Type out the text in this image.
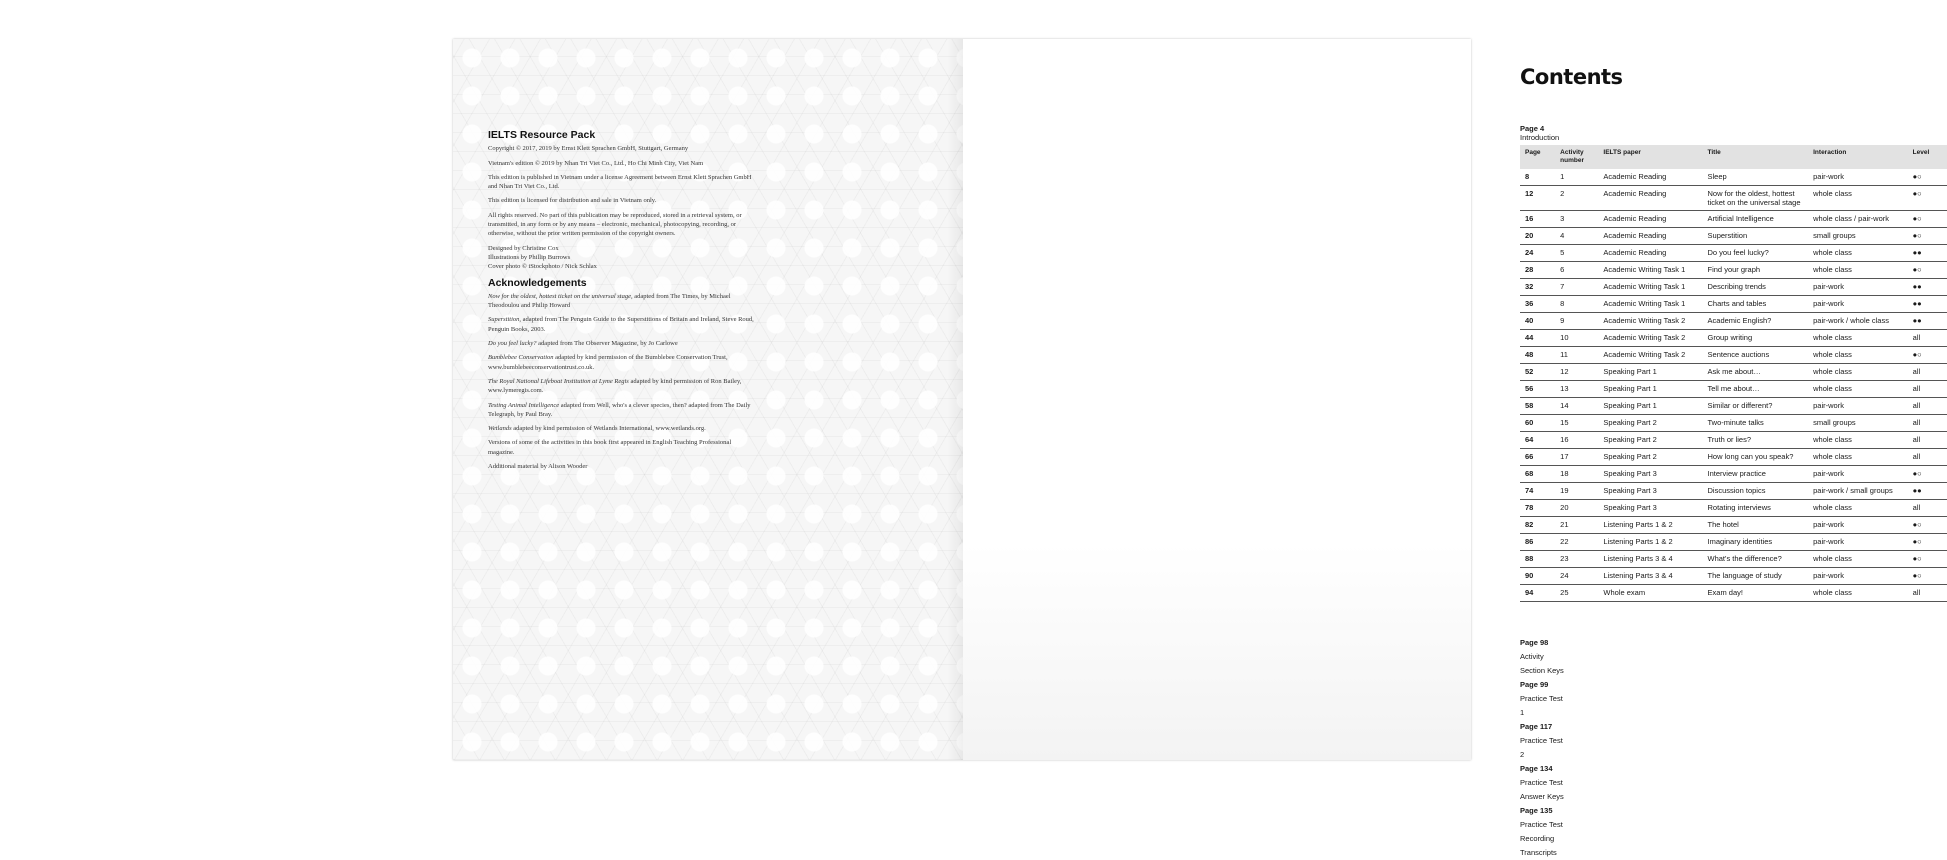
IELTS Resource Pack

Copyright © 2017, 2019 by Ernst Klett Sprachen GmbH, Stuttgart, Germany

Vietnam's edition © 2019 by Nhan Tri Viet Co., Ltd., Ho Chi Minh City, Viet Nam

This edition is published in Vietnam under a license Agreement between Ernst Klett Sprachen GmbH and Nhan Tri Viet Co., Ltd.

This edition is licensed for distribution and sale in Vietnam only.

All rights reserved. No part of this publication may be reproduced, stored in a retrieval system, or transmitted, in any form or by any means – electronic, mechanical, photocopying, recording, or otherwise, without the prior written permission of the copyright owners.

Designed by Christine Cox
Illustrations by Phillip Burrows
Cover photo © iStockphoto / Nick Schlax

Acknowledgements

Now for the oldest, hottest ticket on the universal stage, adapted from The Times, by Michael Theodoulou and Philip Howard

Superstition, adapted from The Penguin Guide to the Superstitions of Britain and Ireland, Steve Roud, Penguin Books, 2003.

Do you feel lucky? adapted from The Observer Magazine, by Jo Carlowe

Bumblebee Conservation adapted by kind permission of the Bumblebee Conservation Trust, www.bumblebeeconservationtrust.co.uk.

The Royal National Lifeboat Institution at Lyme Regis adapted by kind permission of Ron Bailey, www.lymeregis.com.

Testing Animal Intelligence adapted from Well, who's a clever species, then? adapted from The Daily Telegraph, by Paul Bray.

Wetlands adapted by kind permission of Wetlands International, www.wetlands.org.

Versions of some of the activities in this book first appeared in English Teaching Professional magazine.

Additional material by Alison Wooder

Contents
Page 4 Introduction
Page	Activity number	IELTS paper	Title	Interaction	Level
8	1	Academic Reading	Sleep	pair-work	●○
12	2	Academic Reading	Now for the oldest, hottest ticket on the universal stage	whole class	●○
16	3	Academic Reading	Artificial Intelligence	whole class / pair-work	●○
20	4	Academic Reading	Superstition	small groups	●○
24	5	Academic Reading	Do you feel lucky?	whole class	●●
28	6	Academic Writing Task 1	Find your graph	whole class	●○
32	7	Academic Writing Task 1	Describing trends	pair-work	●●
36	8	Academic Writing Task 1	Charts and tables	pair-work	●●
40	9	Academic Writing Task 2	Academic English?	pair-work / whole class	●●
44	10	Academic Writing Task 2	Group writing	whole class	all
48	11	Academic Writing Task 2	Sentence auctions	whole class	●○
52	12	Speaking Part 1	Ask me about…	whole class	all
56	13	Speaking Part 1	Tell me about…	whole class	all
58	14	Speaking Part 1	Similar or different?	pair-work	all
60	15	Speaking Part 2	Two-minute talks	small groups	all
64	16	Speaking Part 2	Truth or lies?	whole class	all
66	17	Speaking Part 2	How long can you speak?	whole class	all
68	18	Speaking Part 3	Interview practice	pair-work	●○
74	19	Speaking Part 3	Discussion topics	pair-work / small groups	●●
78	20	Speaking Part 3	Rotating interviews	whole class	all
82	21	Listening Parts 1 & 2	The hotel	pair-work	●○
86	22	Listening Parts 1 & 2	Imaginary identities	pair-work	●○
88	23	Listening Parts 3 & 4	What's the difference?	whole class	●○
90	24	Listening Parts 3 & 4	The language of study	pair-work	●○
94	25	Whole exam	Exam day!	whole class	all
Page 98Activity Section Keys
Page 99Practice Test 1
Page 117Practice Test 2
Page 134Practice Test Answer Keys
Page 135Practice Test Recording Transcripts
